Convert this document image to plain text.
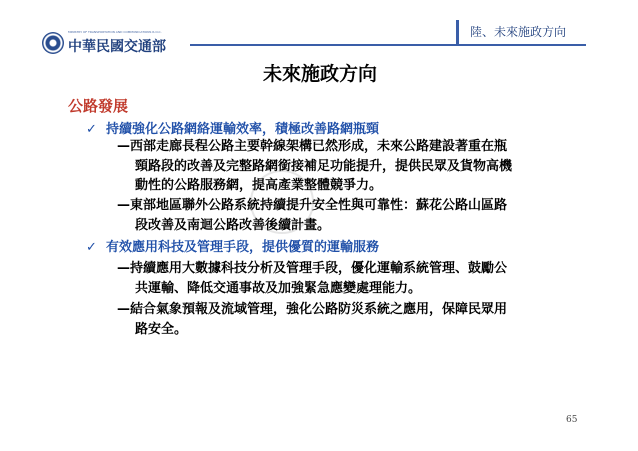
MINISTRY OF TRANSPORTATION AND COMMUNICATIONS R.O.C.
中華民國交通部
陸、未來施政方向
未來施政方向
公路發展
✓ 持續強化公路網絡運輸效率，積極改善路網瓶頸
—西部走廊長程公路主要幹線架構已然形成，未來公路建設著重在瓶
頸路段的改善及完整路網銜接補足功能提升，提供民眾及貨物高機
動性的公路服務網，提高產業整體競爭力。
—東部地區聯外公路系統持續提升安全性與可靠性：蘇花公路山區路
段改善及南迴公路改善後續計畫。
✓ 有效應用科技及管理手段，提供優質的運輸服務
—持續應用大數據科技分析及管理手段，優化運輸系統管理、鼓勵公
共運輸、降低交通事故及加強緊急應變處理能力。
—結合氣象預報及流域管理，強化公路防災系統之應用，保障民眾用
路安全。
65
